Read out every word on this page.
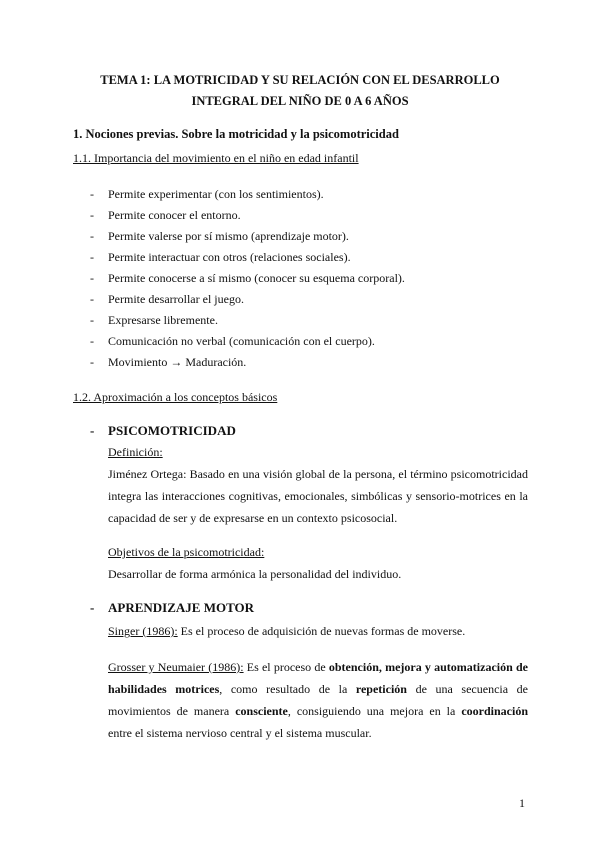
TEMA 1: LA MOTRICIDAD Y SU RELACIÓN CON EL DESARROLLO
INTEGRAL DEL NIÑO DE 0 A 6 AÑOS
1. Nociones previas. Sobre la motricidad y la psicomotricidad
1.1. Importancia del movimiento en el niño en edad infantil
- Permite experimentar (con los sentimientos).
- Permite conocer el entorno.
- Permite valerse por sí mismo (aprendizaje motor).
- Permite interactuar con otros (relaciones sociales).
- Permite conocerse a sí mismo (conocer su esquema corporal).
- Permite desarrollar el juego.
- Expresarse libremente.
- Comunicación no verbal (comunicación con el cuerpo).
- Movimiento → Maduración.
1.2. Aproximación a los conceptos básicos
- PSICOMOTRICIDAD
Definición:
Jiménez Ortega: Basado en una visión global de la persona, el término psicomotricidad integra las interacciones cognitivas, emocionales, simbólicas y sensorio-motrices en la capacidad de ser y de expresarse en un contexto psicosocial.
Objetivos de la psicomotricidad:
Desarrollar de forma armónica la personalidad del individuo.
- APRENDIZAJE MOTOR
Singer (1986): Es el proceso de adquisición de nuevas formas de moverse.
Grosser y Neumaier (1986): Es el proceso de obtención, mejora y automatización de habilidades motrices, como resultado de la repetición de una secuencia de movimientos de manera consciente, consiguiendo una mejora en la coordinación entre el sistema nervioso central y el sistema muscular.
1
